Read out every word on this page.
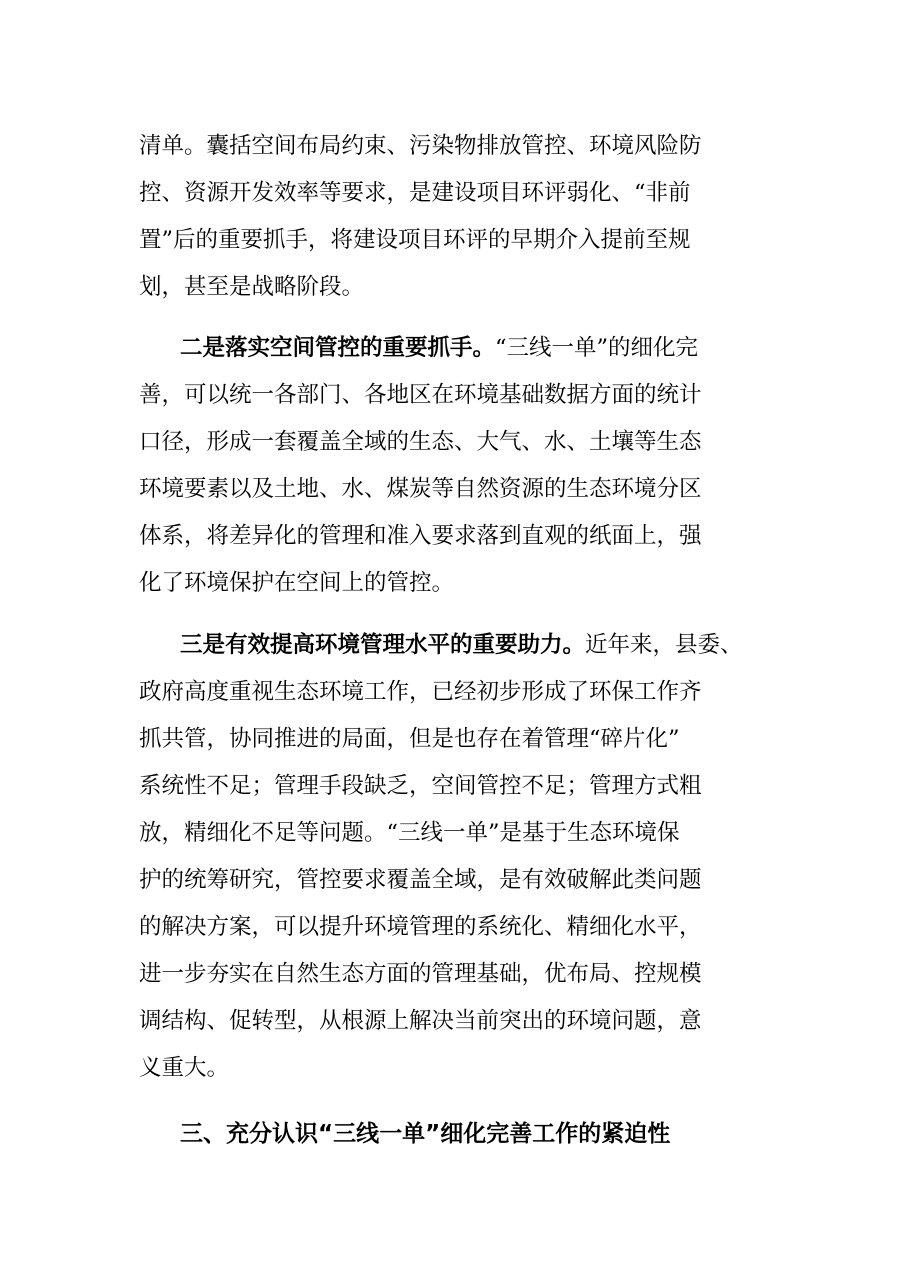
清单。囊括空间布局约束、污染物排放管控、环境风险防
控、资源开发效率等要求，是建设项目环评弱化、“非前
置”后的重要抓手，将建设项目环评的早期介入提前至规
划，甚至是战略阶段。
二是落实空间管控的重要抓手。“三线一单”的细化完
善，可以统一各部门、各地区在环境基础数据方面的统计
口径，形成一套覆盖全域的生态、大气、水、土壤等生态
环境要素以及土地、水、煤炭等自然资源的生态环境分区
体系，将差异化的管理和准入要求落到直观的纸面上，强
化了环境保护在空间上的管控。
三是有效提高环境管理水平的重要助力。近年来，县委、
政府高度重视生态环境工作，已经初步形成了环保工作齐
抓共管，协同推进的局面，但是也存在着管理“碎片化”
系统性不足；管理手段缺乏，空间管控不足；管理方式粗
放，精细化不足等问题。“三线一单”是基于生态环境保
护的统筹研究，管控要求覆盖全域，是有效破解此类问题
的解决方案，可以提升环境管理的系统化、精细化水平，
进一步夯实在自然生态方面的管理基础，优布局、控规模
调结构、促转型，从根源上解决当前突出的环境问题，意
义重大。
三、充分认识“三线一单”细化完善工作的紧迫性
